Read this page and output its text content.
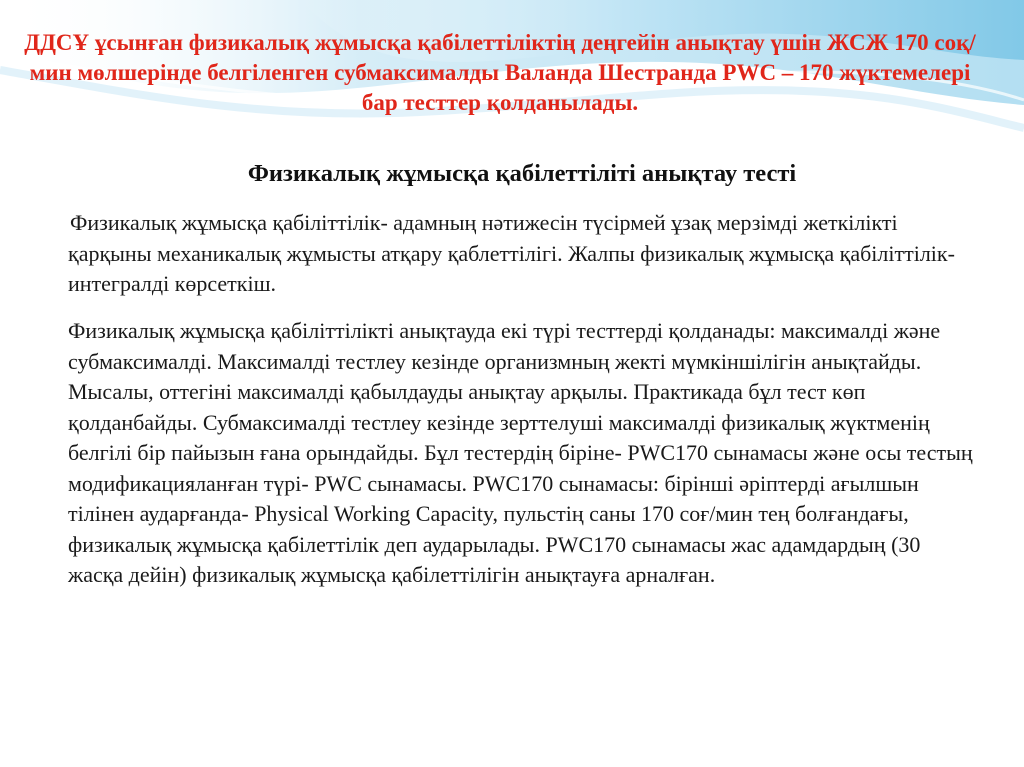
ДДСҰ ұсынған физикалық жұмысқа қабілеттіліктің деңгейін анықтау үшін ЖСЖ 170 соқ/мин мөлшерінде белгіленген субмаксималды Валанда Шестранда PWC – 170 жүктемелері бар тесттер қолданылады.
Физикалық жұмысқа қабілеттіліті анықтау тесті

Физикалық жұмысқа қабіліттілік- адамның нәтижесін түсірмей ұзақ мерзімді жеткілікті қарқыны механикалық жұмысты атқару қаблеттілігі. Жалпы физикалық жұмысқа қабіліттілік- интегралді көрсеткіш.

Физикалық жұмысқа қабіліттілікті анықтауда екі түрі тесттерді қолданады: максималді және субмаксималді. Максималді тестлеу кезінде организмның жекті мүмкіншілігін анықтайды. Мысалы, оттегіні максималді қабылдауды анықтау арқылы. Практикада бұл тест көп қолданбайды. Субмаксималді тестлеу кезінде зерттелуші максималді физикалық жүктменің белгілі бір пайызын ғана орындайды. Бұл тестердің біріне- PWC170 сынамасы және осы тестың модификацияланған түрі- PWC сынамасы. PWC170 сынамасы: бірінші әріптерді ағылшын тілінен аударғанда- Physical Working Capacity, пульстің саны 170 соғ/мин тең болғандағы, физикалық жұмысқа қабілеттілік деп аударылады. PWC170 сынамасы жас адамдардың (30 жасқа дейін) физикалық жұмысқа қабілеттілігін анықтауға арналған.
